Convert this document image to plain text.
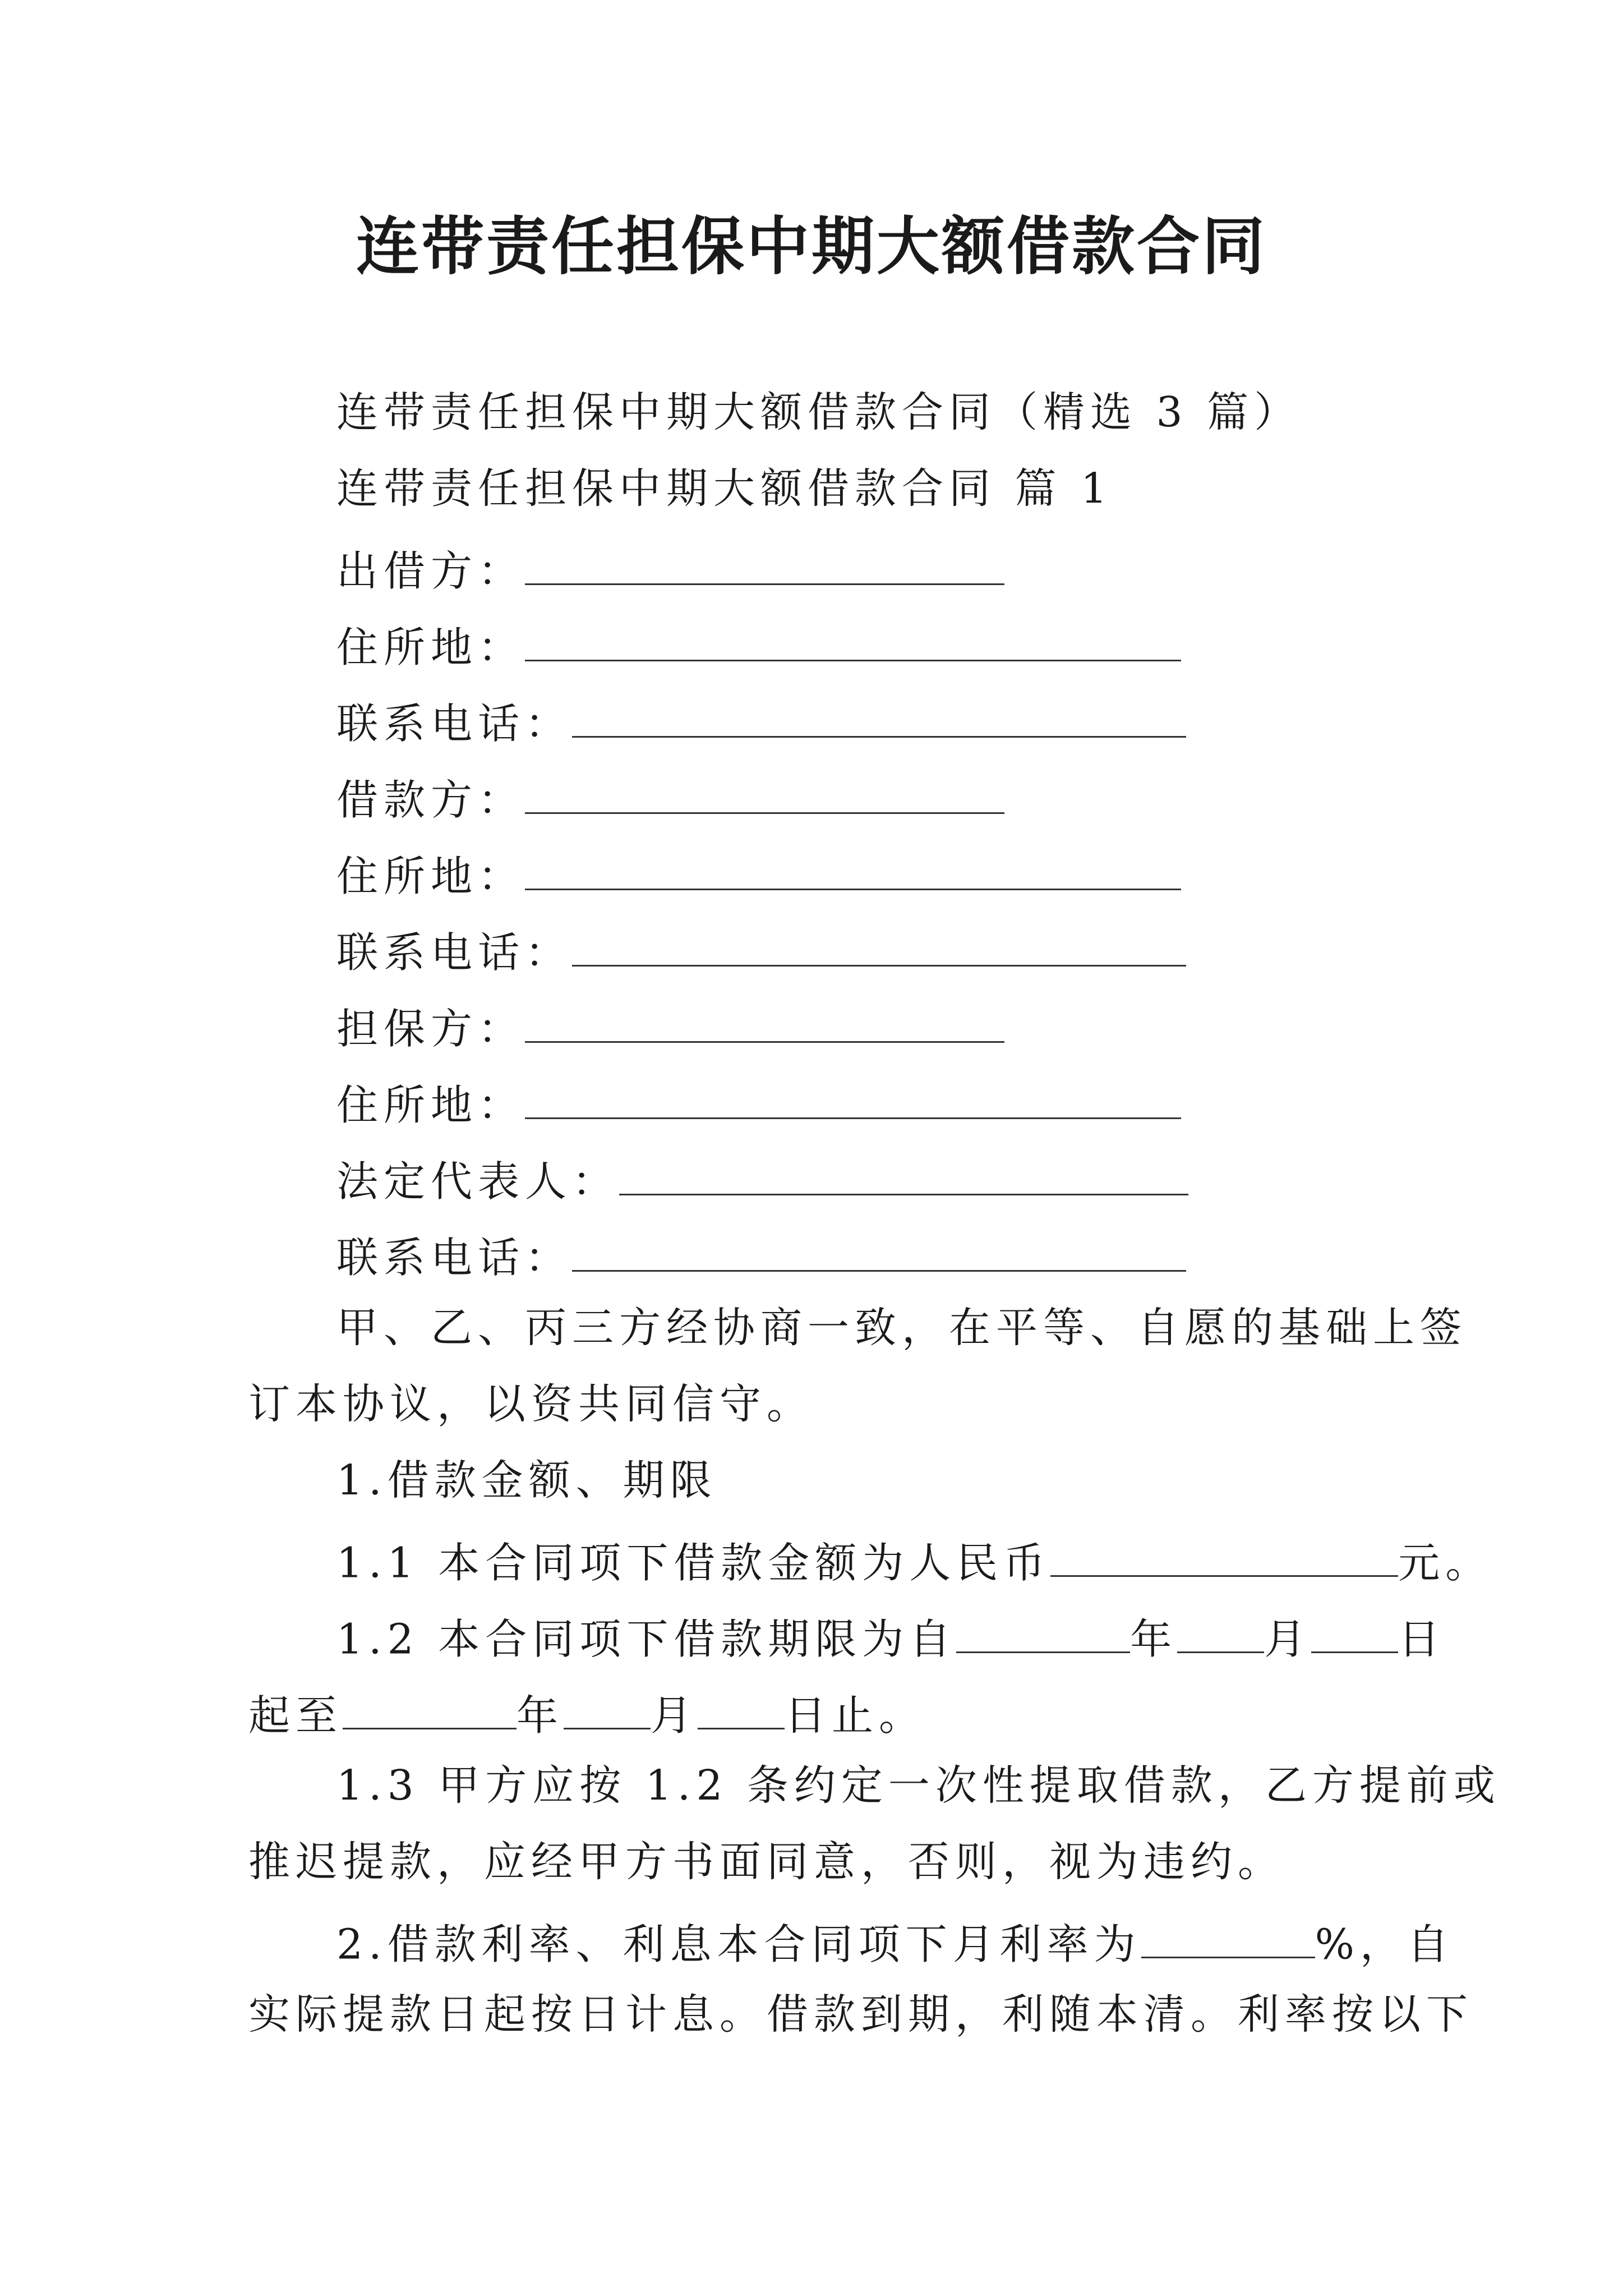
连带责任担保中期大额借款合同
连带责任担保中期大额借款合同（精选 3 篇）
连带责任担保中期大额借款合同 篇 1
出借方：
住所地：
联系电话：
借款方：
住所地：
联系电话：
担保方：
住所地：
法定代表人：
联系电话：
甲、乙、丙三方经协商一致，在平等、自愿的基础上签
订本协议，以资共同信守。
1.借款金额、期限
1.1 本合同项下借款金额为人民币	元。
1.2 本合同项下借款期限为自	年 月 日
起至	年 月 日止。
1.3 甲方应按 1.2 条约定一次性提取借款，乙方提前或
推迟提款，应经甲方书面同意，否则，视为违约。
2.借款利率、利息本合同项下月利率为	%，自
实际提款日起按日计息。借款到期，利随本清。利率按以下
